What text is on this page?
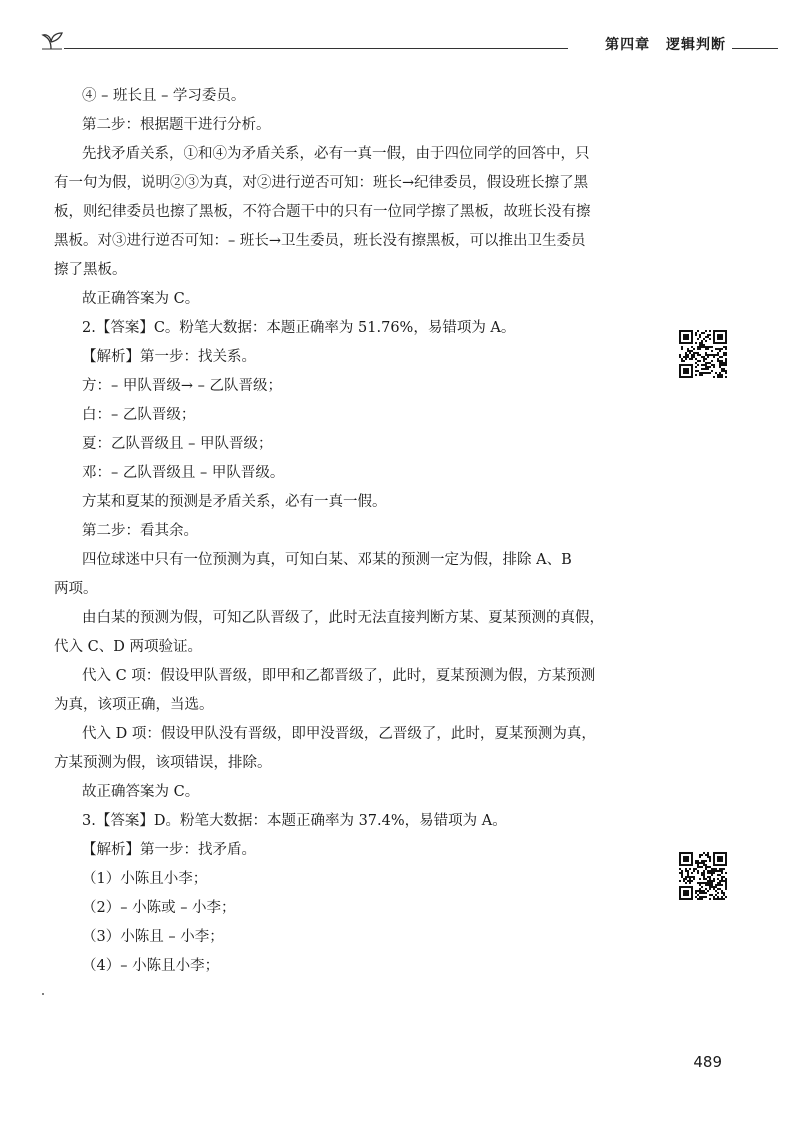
第四章 逻辑判断
④ – 班长且 – 学习委员。
第二步：根据题干进行分析。
先找矛盾关系，①和④为矛盾关系，必有一真一假，由于四位同学的回答中，只
有一句为假，说明②③为真，对②进行逆否可知：班长→纪律委员，假设班长擦了黑
板，则纪律委员也擦了黑板，不符合题干中的只有一位同学擦了黑板，故班长没有擦
黑板。对③进行逆否可知：– 班长→卫生委员，班长没有擦黑板，可以推出卫生委员
擦了黑板。
故正确答案为 C。
2.【答案】C。粉笔大数据：本题正确率为 51.76%，易错项为 A。
【解析】第一步：找关系。
方：– 甲队晋级→ – 乙队晋级；
白：– 乙队晋级；
夏：乙队晋级且 – 甲队晋级；
邓：– 乙队晋级且 – 甲队晋级。
方某和夏某的预测是矛盾关系，必有一真一假。
第二步：看其余。
四位球迷中只有一位预测为真，可知白某、邓某的预测一定为假，排除 A、B
两项。
由白某的预测为假，可知乙队晋级了，此时无法直接判断方某、夏某预测的真假，
代入 C、D 两项验证。
代入 C 项：假设甲队晋级，即甲和乙都晋级了，此时，夏某预测为假，方某预测
为真，该项正确，当选。
代入 D 项：假设甲队没有晋级，即甲没晋级，乙晋级了，此时，夏某预测为真，
方某预测为假，该项错误，排除。
故正确答案为 C。
3.【答案】D。粉笔大数据：本题正确率为 37.4%，易错项为 A。
【解析】第一步：找矛盾。
（1）小陈且小李；
（2）– 小陈或 – 小李；
（3）小陈且 – 小李；
（4）– 小陈且小李；
489
